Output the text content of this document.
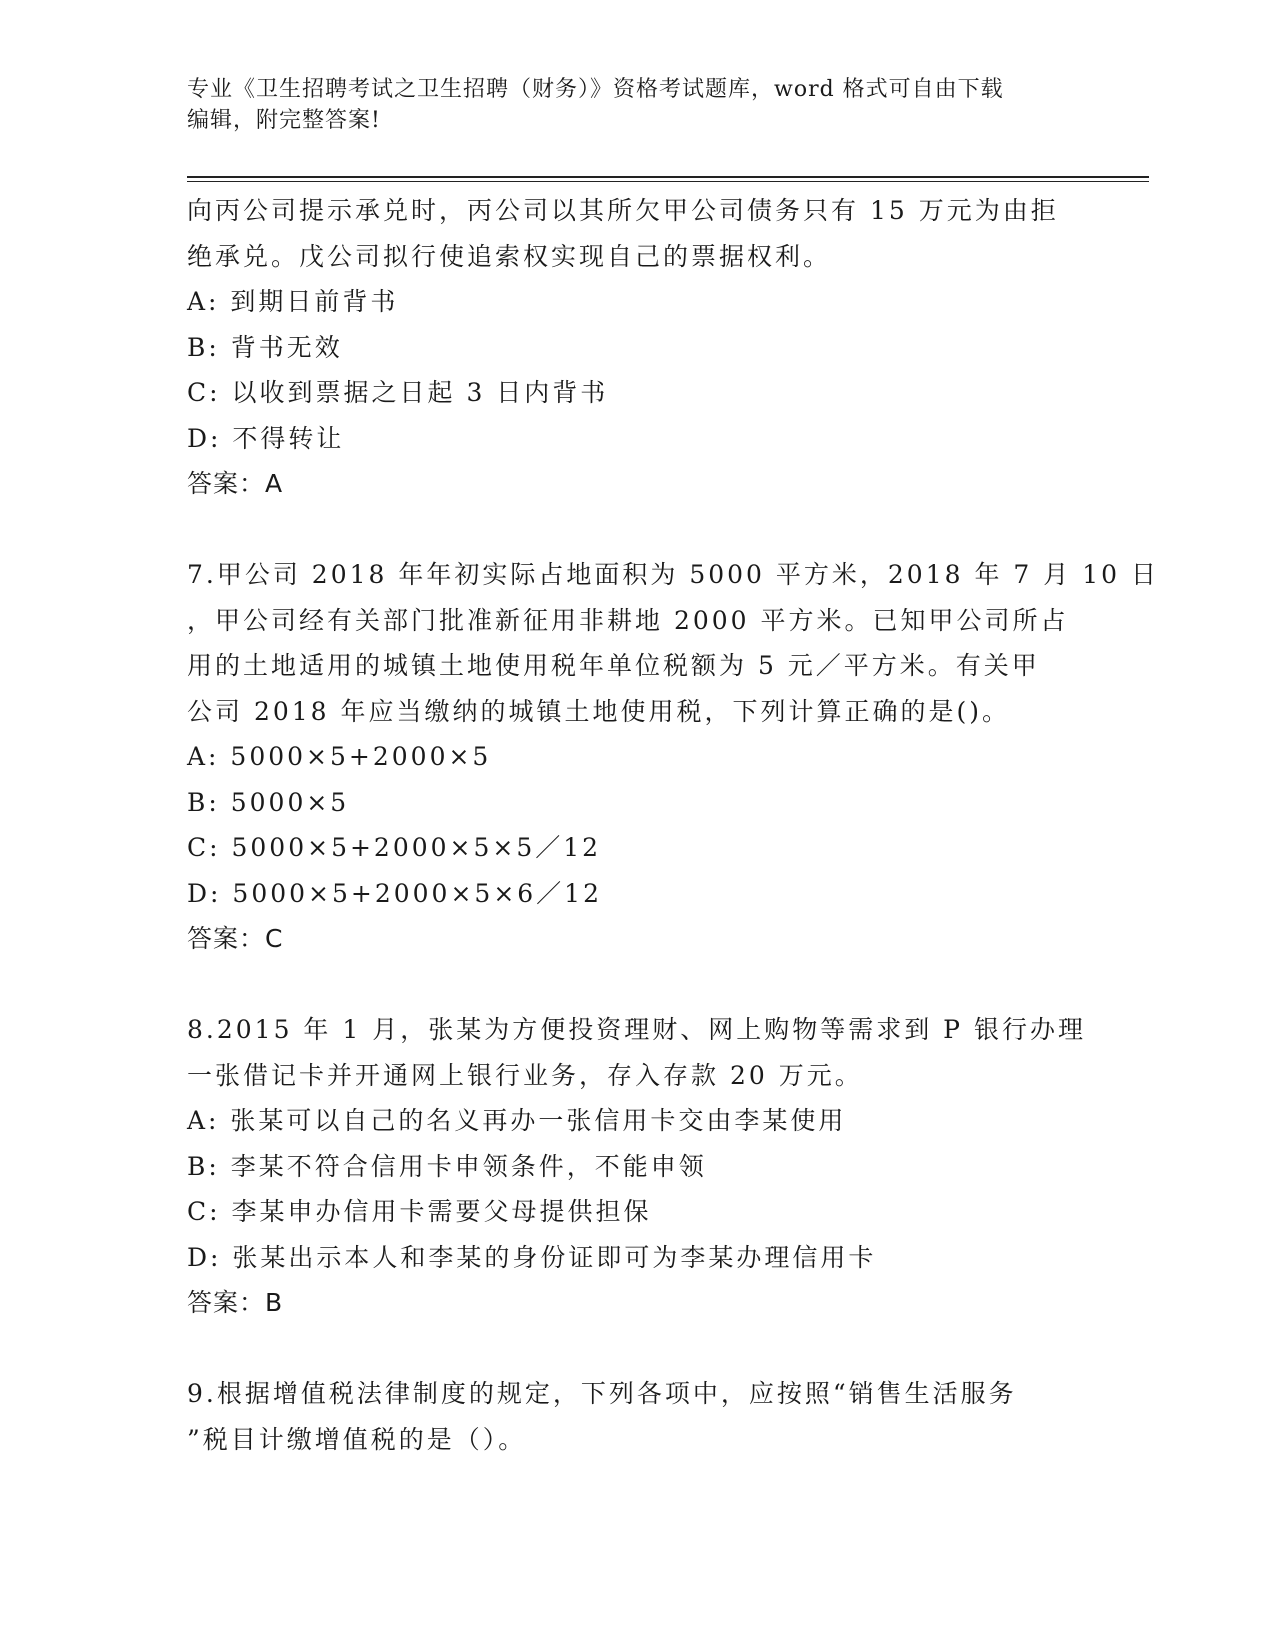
专业《卫生招聘考试之卫生招聘（财务）》资格考试题库，word 格式可自由下载
编辑，附完整答案!
向丙公司提示承兑时，丙公司以其所欠甲公司债务只有 15 万元为由拒
绝承兑。戊公司拟行使追索权实现自己的票据权利。
A: 到期日前背书
B: 背书无效
C: 以收到票据之日起 3 日内背书
D: 不得转让
答案：A
7.甲公司 2018 年年初实际占地面积为 5000 平方米，2018 年 7 月 10 日
，甲公司经有关部门批准新征用非耕地 2000 平方米。已知甲公司所占
用的土地适用的城镇土地使用税年单位税额为 5 元／平方米。有关甲
公司 2018 年应当缴纳的城镇土地使用税，下列计算正确的是()。
A: 5000×5+2000×5
B: 5000×5
C: 5000×5+2000×5×5／12
D: 5000×5+2000×5×6／12
答案：C
8.2015 年 1 月，张某为方便投资理财、网上购物等需求到 P 银行办理
一张借记卡并开通网上银行业务，存入存款 20 万元。
A: 张某可以自己的名义再办一张信用卡交由李某使用
B: 李某不符合信用卡申领条件，不能申领
C: 李某申办信用卡需要父母提供担保
D: 张某出示本人和李某的身份证即可为李某办理信用卡
答案：B
9.根据增值税法律制度的规定，下列各项中，应按照“销售生活服务
”税目计缴增值税的是（）。
